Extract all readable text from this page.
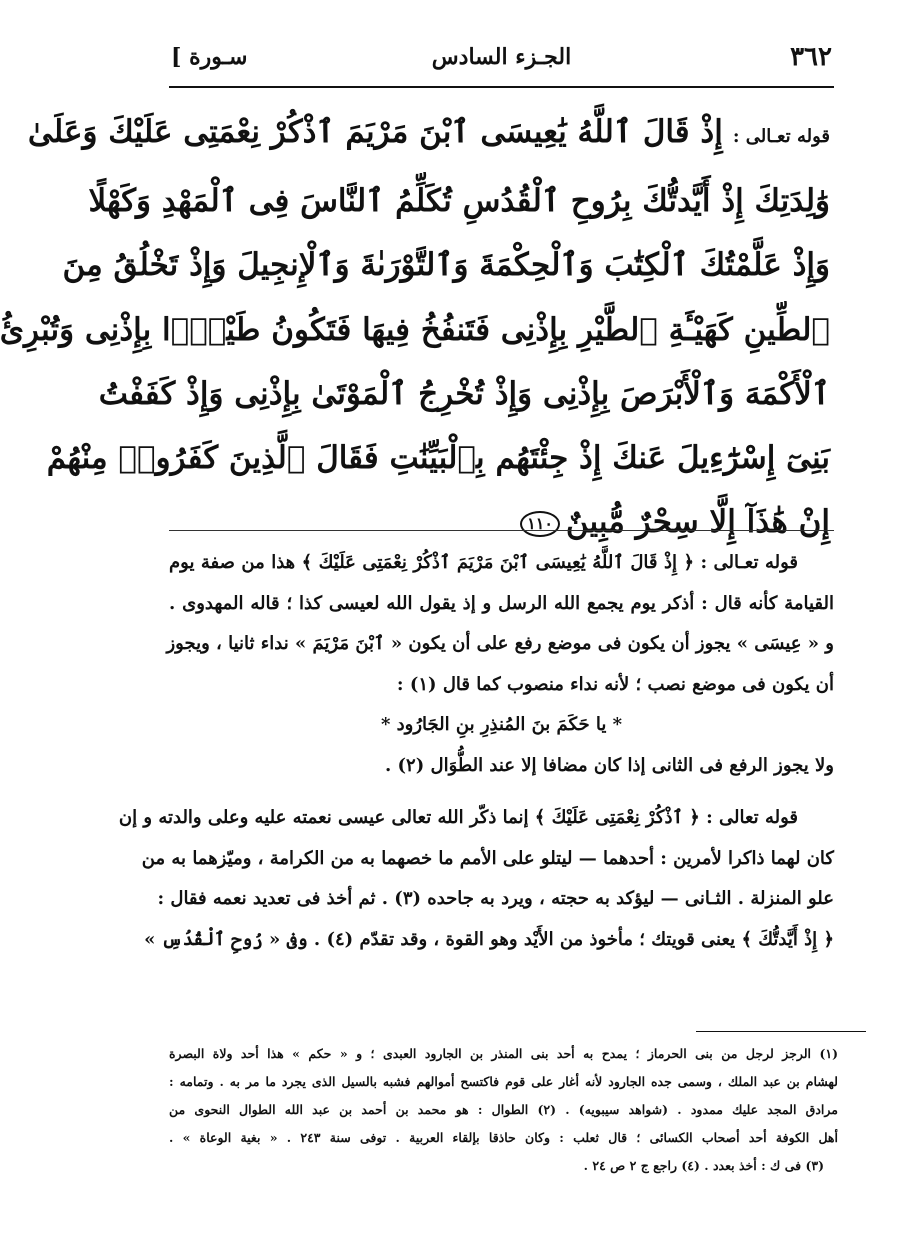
٣٦٢
الجـزء السادس
سـورة ]
قوله تعـالى :إِذْ قَالَ ٱللَّهُ يَٰعِيسَى ٱبْنَ مَرْيَمَ ٱذْكُرْ نِعْمَتِى عَلَيْكَ وَعَلَىٰ
وَٰلِدَتِكَ إِذْ أَيَّدتُّكَ بِرُوحِ ٱلْقُدُسِ تُكَلِّمُ ٱلنَّاسَ فِى ٱلْمَهْدِ وَكَهْلًا
وَإِذْ عَلَّمْتُكَ ٱلْكِتَٰبَ وَٱلْحِكْمَةَ وَٱلتَّوْرَىٰةَ وَٱلْإِنجِيلَ وَإِذْ تَخْلُقُ مِنَ
ٱلطِّينِ كَهَيْـَٔةِ ٱلطَّيْرِ بِإِذْنِى فَتَنفُخُ فِيهَا فَتَكُونُ طَيْرًۢا بِإِذْنِى وَتُبْرِئُ
ٱلْأَكْمَهَ وَٱلْأَبْرَصَ بِإِذْنِى وَإِذْ تُخْرِجُ ٱلْمَوْتَىٰ بِإِذْنِى وَإِذْ كَفَفْتُ
بَنِىٓ إِسْرَٰٓءِيلَ عَنكَ إِذْ جِئْتَهُم بِٱلْبَيِّنَٰتِ فَقَالَ ٱلَّذِينَ كَفَرُوا۟ مِنْهُمْ
إِنْ هَٰذَآ إِلَّا سِحْرٌ مُّبِينٌ١١٠
قوله تعـالى : ﴿ إِذْ قَالَ ٱللَّهُ يَٰعِيسَى ٱبْنَ مَرْيَمَ ٱذْكُرْ نِعْمَتِى عَلَيْكَ ﴾ هذا من صفة يوم
القيامة كأنه قال : أذكر يوم يجمع الله الرسل و إذ يقول الله لعيسى كذا ؛ قاله المهدوى .
و « عِيسَى » يجوز أن يكون فى موضع رفع على أن يكون « ٱبْنَ مَرْيَمَ » نداء ثانيا ، ويجوز
أن يكون فى موضع نصب ؛ لأنه نداء منصوب كما قال (١) :
* يا حَكَمَ بنَ المُنذِرِ بنِ الجَارُود *
ولا يجوز الرفع فى الثانى إذا كان مضافا إلا عند الطُّوَال (٢) .
قوله تعالى : ﴿ ٱذْكُرْ نِعْمَتِى عَلَيْكَ ﴾ إنما ذكّر الله تعالى عيسى نعمته عليه وعلى والدته و إن
كان لهما ذاكرا لأمرين : أحدهما — ليتلو على الأمم ما خصهما به من الكرامة ، وميّزهما به من
علو المنزلة . الثـانى — ليؤكد به حجته ، ويرد به جاحده (٣) . ثم أخذ فى تعديد نعمه فقال :
﴿ إِذْ أَيَّدتُّكَ ﴾ يعنى قويتك ؛ مأخوذ من الأَيْد وهو القوة ، وقد تقدّم (٤) . وفى « رُوحِ ٱلْقُدُسِ »
(١) الرجز لرجل من بنى الحرماز ؛ يمدح به أحد بنى المنذر بن الجارود العبدى ؛ و « حكم » هذا أحد ولاة البصرة
لهشام بن عبد الملك ، وسمى جده الجارود لأنه أغار على قوم فاكتسح أموالهم فشبه بالسيل الذى يجرد ما مر به . وتمامه :
مرادق المجد عليك ممدود . (شواهد سيبويه) . (٢) الطوال : هو محمد بن أحمد بن عبد الله الطوال النحوى من
أهل الكوفة أحد أصحاب الكسائى ؛ قال ثعلب : وكان حاذقا بإلقاء العربية . توفى سنة ٢٤٣ . « بغية الوعاة » .
(٣) فى ك : أخذ بعدد . (٤) راجع ج ٢ ص ٢٤ .
